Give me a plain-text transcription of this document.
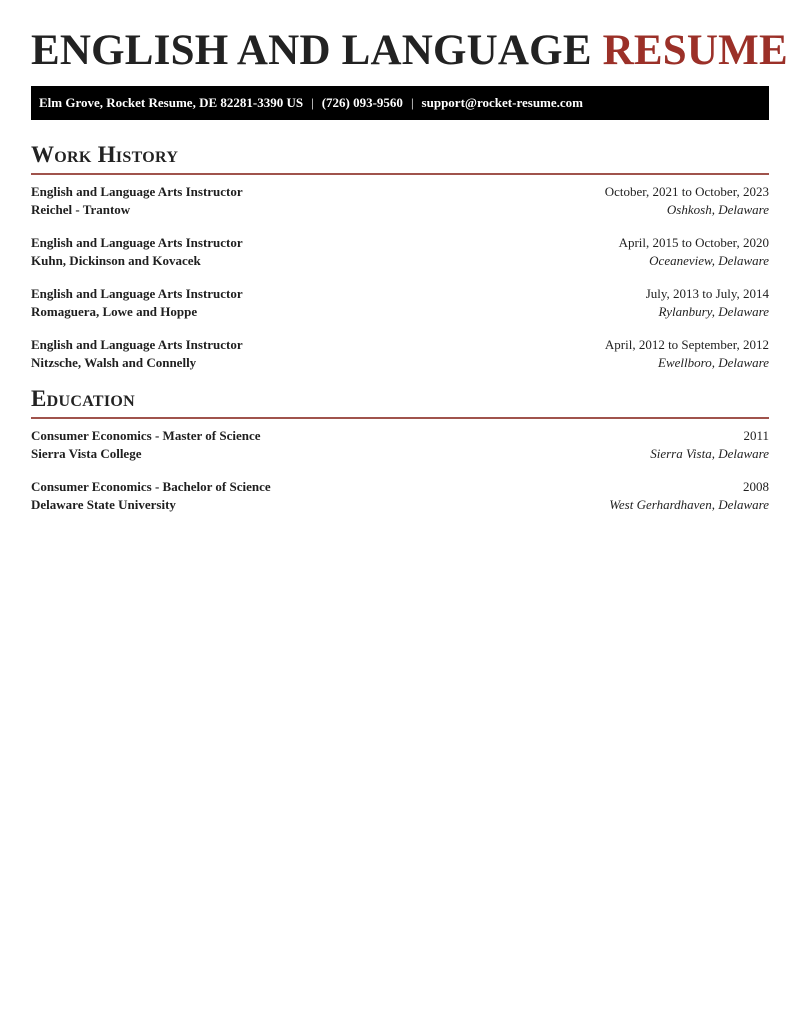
ENGLISH AND LANGUAGE RESUME
Elm Grove, Rocket Resume, DE 82281-3390 US | (726) 093-9560 | support@rocket-resume.com
Work History
English and Language Arts Instructor	October, 2021 to October, 2023
Reichel - Trantow	Oshkosh, Delaware
English and Language Arts Instructor	April, 2015 to October, 2020
Kuhn, Dickinson and Kovacek	Oceaneview, Delaware
English and Language Arts Instructor	July, 2013 to July, 2014
Romaguera, Lowe and Hoppe	Rylanbury, Delaware
English and Language Arts Instructor	April, 2012 to September, 2012
Nitzsche, Walsh and Connelly	Ewellboro, Delaware
Education
Consumer Economics - Master of Science	2011
Sierra Vista College	Sierra Vista, Delaware
Consumer Economics - Bachelor of Science	2008
Delaware State University	West Gerhardhaven, Delaware
